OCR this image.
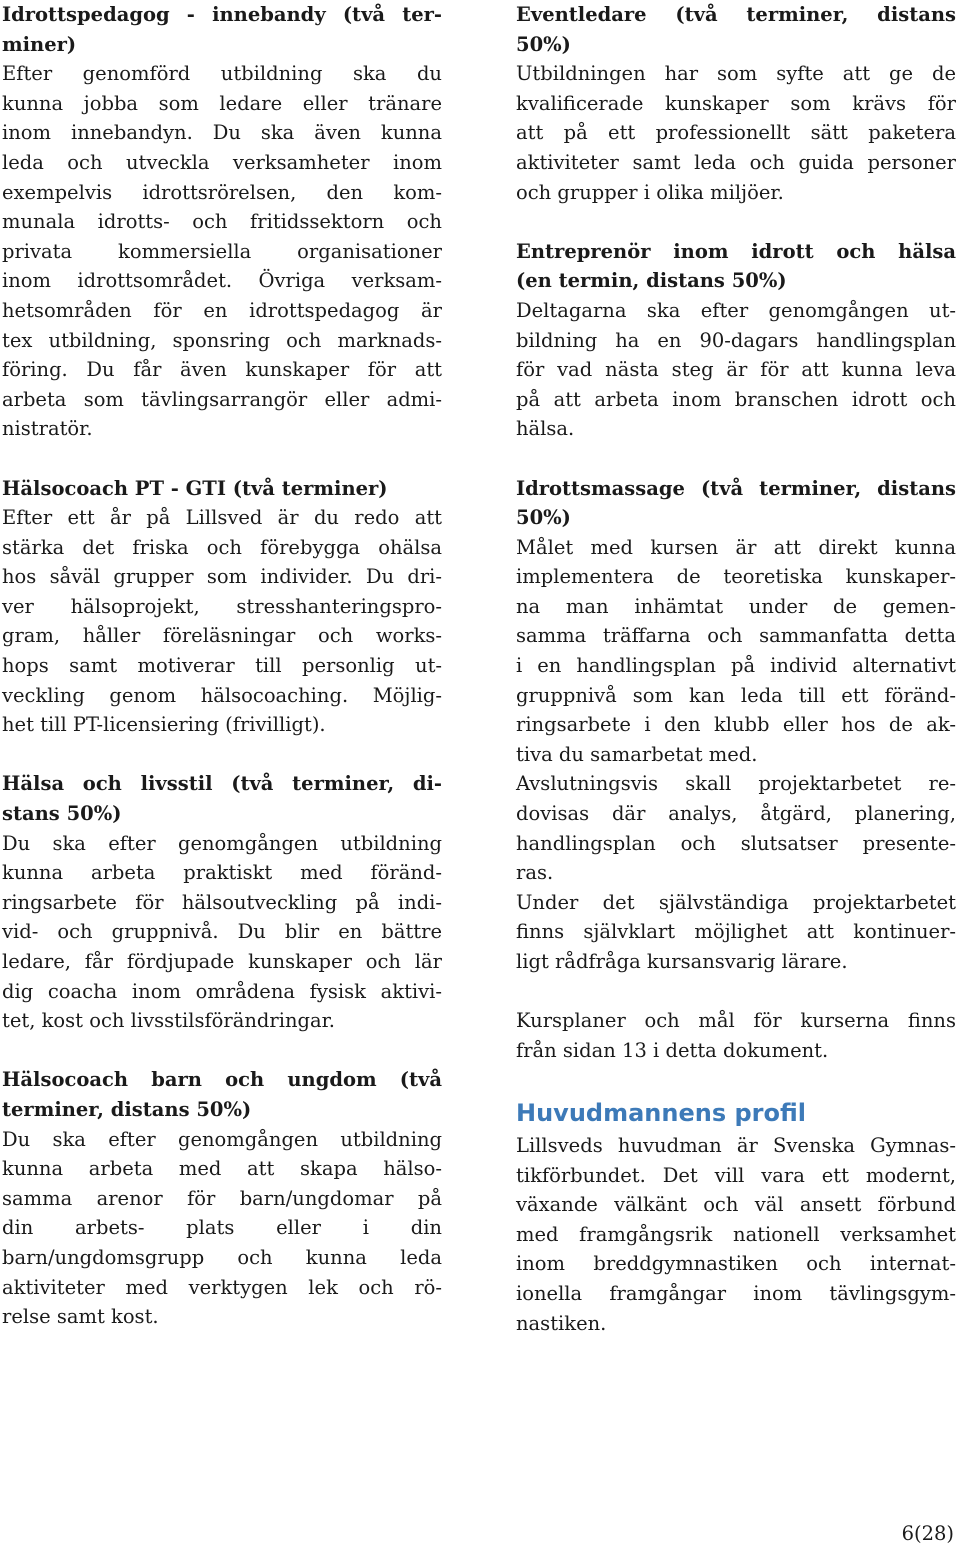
Idrottspedagog - innebandy (två ter-
miner)
Efter genomförd utbildning ska du
kunna jobba som ledare eller tränare
inom innebandyn. Du ska även kunna
leda och utveckla verksamheter inom
exempelvis idrottsrörelsen, den kom-
munala idrotts- och fritidssektorn och
privata kommersiella organisationer
inom idrottsområdet. Övriga verksam-
hetsområden för en idrottspedagog är
tex utbildning, sponsring och marknads-
föring. Du får även kunskaper för att
arbeta som tävlingsarrangör eller admi-
nistratör.
Hälsocoach PT - GTI (två terminer)
Efter ett år på Lillsved är du redo att
stärka det friska och förebygga ohälsa
hos såväl grupper som individer. Du dri-
ver hälsoprojekt, stresshanteringspro-
gram, håller föreläsningar och works-
hops samt motiverar till personlig ut-
veckling genom hälsocoaching. Möjlig-
het till PT-licensiering (frivilligt).
Hälsa och livsstil (två terminer, di-
stans 50%)
Du ska efter genomgången utbildning
kunna arbeta praktiskt med föränd-
ringsarbete för hälsoutveckling på indi-
vid- och gruppnivå. Du blir en bättre
ledare, får fördjupade kunskaper och lär
dig coacha inom områdena fysisk aktivi-
tet, kost och livsstilsförändringar.
Hälsocoach barn och ungdom (två
terminer, distans 50%)
Du ska efter genomgången utbildning
kunna arbeta med att skapa hälso-
samma arenor för barn/ungdomar på
din arbets- plats eller i din
barn/ungdomsgrupp och kunna leda
aktiviteter med verktygen lek och rö-
relse samt kost.
Eventledare (två terminer, distans
50%)
Utbildningen har som syfte att ge de
kvalificerade kunskaper som krävs för
att på ett professionellt sätt paketera
aktiviteter samt leda och guida personer
och grupper i olika miljöer.
Entreprenör inom idrott och hälsa
(en termin, distans 50%)
Deltagarna ska efter genomgången ut-
bildning ha en 90-dagars handlingsplan
för vad nästa steg är för att kunna leva
på att arbeta inom branschen idrott och
hälsa.
Idrottsmassage (två terminer, distans
50%)
Målet med kursen är att direkt kunna
implementera de teoretiska kunskaper-
na man inhämtat under de gemen-
samma träffarna och sammanfatta detta
i en handlingsplan på individ alternativt
gruppnivå som kan leda till ett föränd-
ringsarbete i den klubb eller hos de ak-
tiva du samarbetat med.
Avslutningsvis skall projektarbetet re-
dovisas där analys, åtgärd, planering,
handlingsplan och slutsatser presente-
ras.
Under det självständiga projektarbetet
finns självklart möjlighet att kontinuer-
ligt rådfråga kursansvarig lärare.
Kursplaner och mål för kurserna finns
från sidan 13 i detta dokument.
Huvudmannens profil
Lillsveds huvudman är Svenska Gymnas-
tikförbundet. Det vill vara ett modernt,
växande välkänt och väl ansett förbund
med framgångsrik nationell verksamhet
inom breddgymnastiken och internat-
ionella framgångar inom tävlingsgym-
nastiken.
6(28)
